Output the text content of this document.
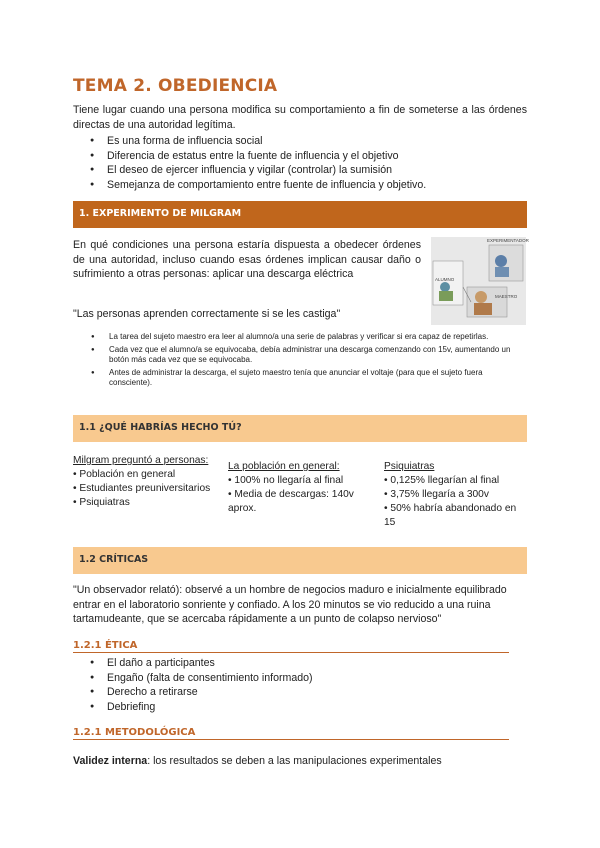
TEMA 2. OBEDIENCIA
Tiene lugar cuando una persona modifica su comportamiento a fin de someterse a las órdenes directas de una autoridad legítima.
● Es una forma de influencia social
● Diferencia de estatus entre la fuente de influencia y el objetivo
● El deseo de ejercer influencia y vigilar (controlar) la sumisión
● Semejanza de comportamiento entre fuente de influencia y objetivo.
1. EXPERIMENTO DE MILGRAM
En qué condiciones una persona estaría dispuesta a obedecer órdenes de una autoridad, incluso cuando esas órdenes implican causar daño o sufrimiento a otras personas: aplicar una descarga eléctrica
EXPERIMENTADOR
ALUMNO
MAESTRO
"Las personas aprenden correctamente si se les castiga"
● La tarea del sujeto maestro era leer al alumno/a una serie de palabras y verificar si era capaz de repetirlas.
● Cada vez que el alumno/a se equivocaba, debía administrar una descarga comenzando con 15v, aumentando un botón más cada vez que se equivocaba.
● Antes de administrar la descarga, el sujeto maestro tenía que anunciar el voltaje (para que el sujeto fuera consciente).
1.1 ¿QUÉ HABRÍAS HECHO TÚ?
Milgram preguntó a personas:
• Población en general
• Estudiantes preuniversitarios
• Psiquiatras
La población en general:
• 100% no llegaría al final
• Media de descargas: 140v aprox.
Psiquiatras
• 0,125% llegarían al final
• 3,75% llegaría a 300v
• 50% habría abandonado en 15
1.2 CRÍTICAS
"Un observador relató): observé a un hombre de negocios maduro e inicialmente equilibrado entrar en el laboratorio sonriente y confiado. A los 20 minutos se vio reducido a una ruina tartamudeante, que se acercaba rápidamente a un punto de colapso nervioso"
1.2.1 ÉTICA
● El daño a participantes
● Engaño (falta de consentimiento informado)
● Derecho a retirarse
● Debriefing
1.2.1 METODOLÓGICA
Validez interna: los resultados se deben a las manipulaciones experimentales
